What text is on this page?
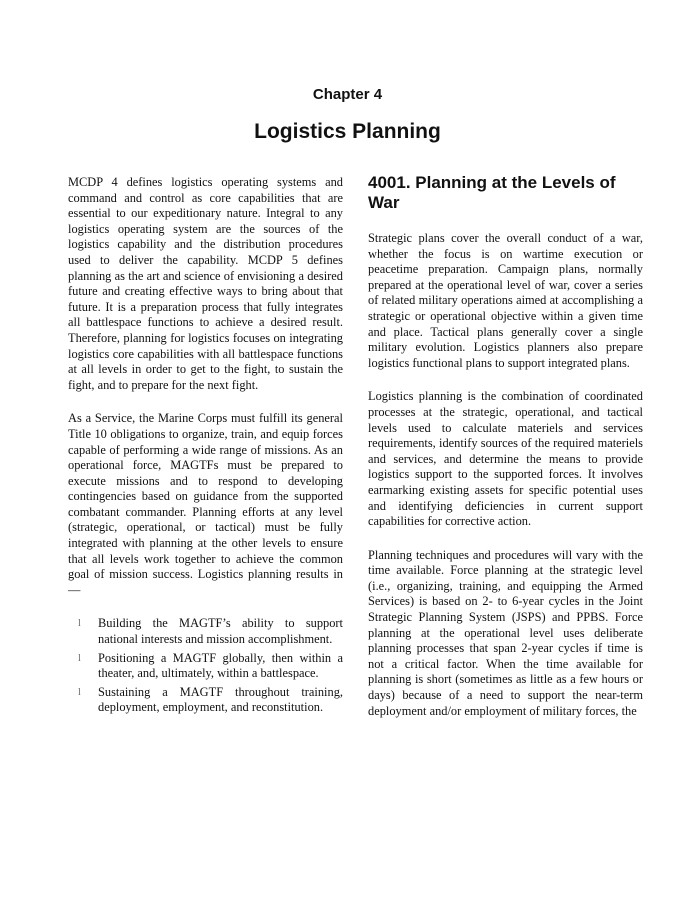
Chapter 4
Logistics Planning

MCDP 4 defines logistics operating systems and command and control as core capabilities that are essential to our expeditionary nature. Integral to any logistics operating system are the sources of the logistics capability and the distribution procedures used to deliver the capability. MCDP 5 defines planning as the art and science of envisioning a desired future and creating effective ways to bring about that future. It is a preparation process that fully integrates all battlespace functions to achieve a desired result. Therefore, planning for logistics focuses on integrating logistics core capabilities with all battlespace functions at all levels in order to get to the fight, to sustain the fight, and to prepare for the next fight.

As a Service, the Marine Corps must fulfill its general Title 10 obligations to organize, train, and equip forces capable of performing a wide range of missions. As an operational force, MAGTFs must be prepared to execute missions and to respond to developing contingencies based on guidance from the supported combatant commander. Planning efforts at any level (strategic, operational, or tactical) must be fully integrated with planning at the other levels to ensure that all levels work together to achieve the common goal of mission success. Logistics planning results in—

l Building the MAGTF’s ability to support national interests and mission accomplishment.
l Positioning a MAGTF globally, then within a theater, and, ultimately, within a battlespace.
l Sustaining a MAGTF throughout training, deployment, employment, and reconstitution.
4001. Planning at the Levels of War

Strategic plans cover the overall conduct of a war, whether the focus is on wartime execution or peacetime preparation. Campaign plans, normally prepared at the operational level of war, cover a series of related military operations aimed at accomplishing a strategic or operational objective within a given time and place. Tactical plans generally cover a single military evolution. Logistics planners also prepare logistics functional plans to support integrated plans.

Logistics planning is the combination of coordinated processes at the strategic, operational, and tactical levels used to calculate materiels and services requirements, identify sources of the required materiels and services, and determine the means to provide logistics support to the supported forces. It involves earmarking existing assets for specific potential uses and identifying deficiencies in current support capabilities for corrective action.

Planning techniques and procedures will vary with the time available. Force planning at the strategic level (i.e., organizing, training, and equipping the Armed Services) is based on 2- to 6-year cycles in the Joint Strategic Planning System (JSPS) and PPBS. Force planning at the operational level uses deliberate planning processes that span 2-year cycles if time is not a critical factor. When the time available for planning is short (sometimes as little as a few hours or days) because of a need to support the near-term deployment and/or employment of military forces, the
